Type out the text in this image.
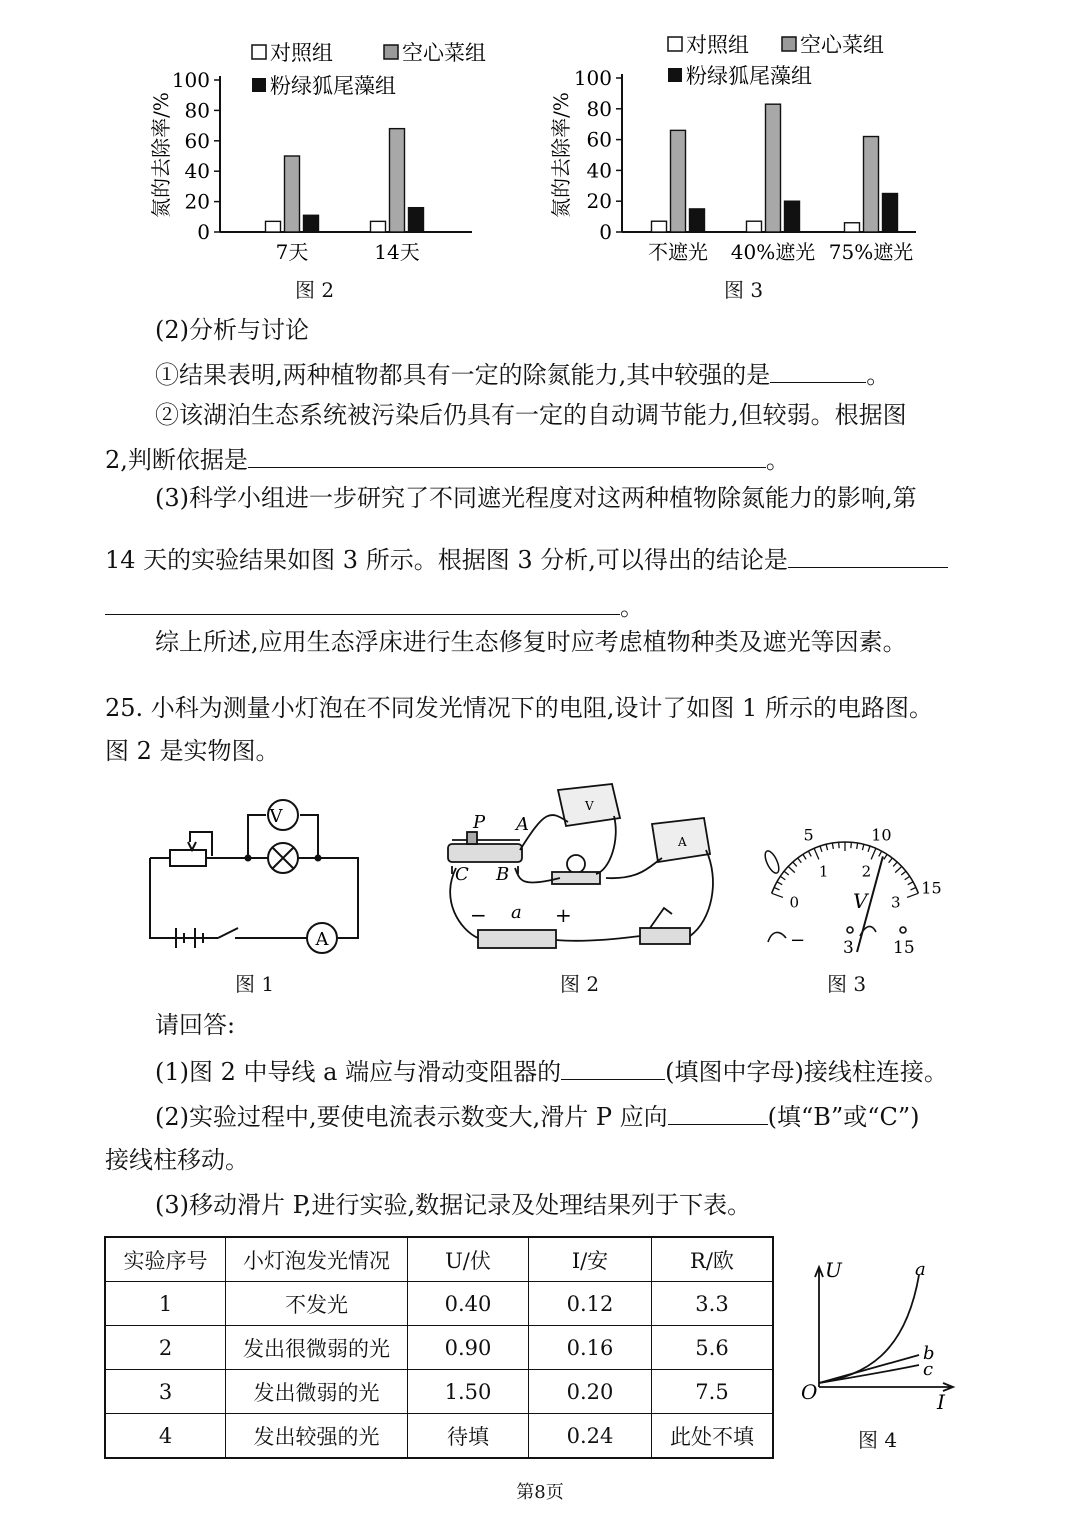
对照组	空心菜组
粉绿狐尾藻组
对照组 空心菜组
粉绿狐尾藻组
0
20
40
60
80
100
氮的去除率/%
7天	14天
0
20
40
60
80
100
氮的去除率/%
不遮光 40%遮光 75%遮光
图 2	图 3
(2)分析与讨论
①结果表明,两种植物都具有一定的除氮能力,其中较强的是	。
②该湖泊生态系统被污染后仍具有一定的自动调节能力,但较弱。根据图
2,判断依据是	。
(3)科学小组进一步研究了不同遮光程度对这两种植物除氮能力的影响,第
14 天的实验结果如图 3 所示。根据图 3 分析,可以得出的结论是
。
综上所述,应用生态浮床进行生态修复时应考虑植物种类及遮光等因素。
25. 小科为测量小灯泡在不同发光情况下的电阻,设计了如图 1 所示的电路图。
图 2 是实物图。
V
A
P A
C B
a
−	+
V
A
0
1 2
3
5	10
15
V
− 3 15
图 1	图 2	图 3
请回答:
(1)图 2 中导线 a 端应与滑动变阻器的	(填图中字母)接线柱连接。
(2)实验过程中,要使电流表示数变大,滑片 P 应向	(填“B”或“C”)
接线柱移动。
(3)移动滑片 P,进行实验,数据记录及处理结果列于下表。
实验序号	小灯泡发光情况	U/伏	I/安	R/欧
1	不发光	0.40	0.12	3.3
2	发出很微弱的光	0.90	0.16	5.6
3	发出微弱的光	1.50	0.20	7.5
4	发出较强的光	待填	0.24	此处不填
U
I
O
a
b
c
图 4
第8页
